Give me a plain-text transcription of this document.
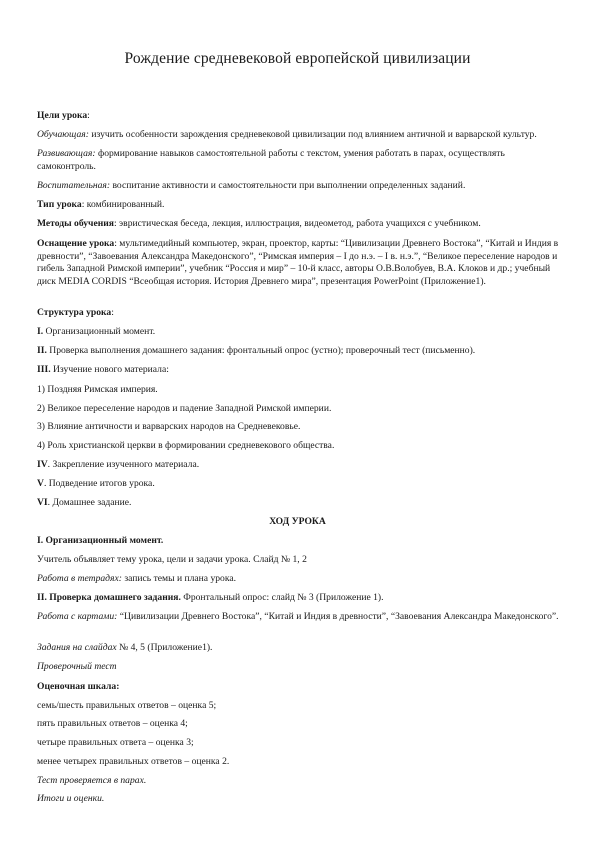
Рождение средневековой европейской цивилизации
Цели урока:
Обучающая: изучить особенности зарождения средневековой цивилизации под влиянием античной и варварской культур.
Развивающая: формирование навыков самостоятельной работы с текстом, умения работать в парах, осуществлять самоконтроль.
Воспитательная: воспитание активности и самостоятельности при выполнении определенных заданий.
Тип урока: комбинированный.
Методы обучения: эвристическая беседа, лекция, иллюстрация, видеометод, работа учащихся с учебником.
Оснащение урока: мультимедийный компьютер, экран, проектор, карты: “Цивилизации Древнего Востока”, “Китай и Индия в древности”, “Завоевания Александра Македонского”, “Римская империя – I до н.э. – I в. н.э.”, “Великое переселение народов и гибель Западной Римской империи”, учебник “Россия и мир” – 10-й класс, авторы О.В.Волобуев, В.А. Клоков и др.; учебный диск MEDIA CORDIS “Всеобщая история. История Древнего мира”, презентация PowerPoint (Приложение1).
Структура урока:
I. Организационный момент.
II. Проверка выполнения домашнего задания: фронтальный опрос (устно); проверочный тест (письменно).
III. Изучение нового материала:
1) Поздняя Римская империя.
2) Великое переселение народов и падение Западной Римской империи.
3) Влияние античности и варварских народов на Средневековье.
4) Роль христианской церкви в формировании средневекового общества.
IV. Закрепление изученного материала.
V. Подведение итогов урока.
VI. Домашнее задание.
ХОД УРОКА
I. Организационный момент.
Учитель объявляет тему урока, цели и задачи урока. Слайд № 1, 2
Работа в тетрадях: запись темы и плана урока.
II. Проверка домашнего задания. Фронтальный опрос: слайд № 3 (Приложение 1).
Работа с картами: “Цивилизации Древнего Востока”, “Китай и Индия в древности”, “Завоевания Александра Македонского”.
Задания на слайдах № 4, 5 (Приложение1).
Проверочный тест
Оценочная шкала:
семь/шесть правильных ответов – оценка 5;
пять правильных ответов – оценка 4;
четыре правильных ответа – оценка 3;
менее четырех правильных ответов – оценка 2.
Тест проверяется в парах.
Итоги и оценки.
